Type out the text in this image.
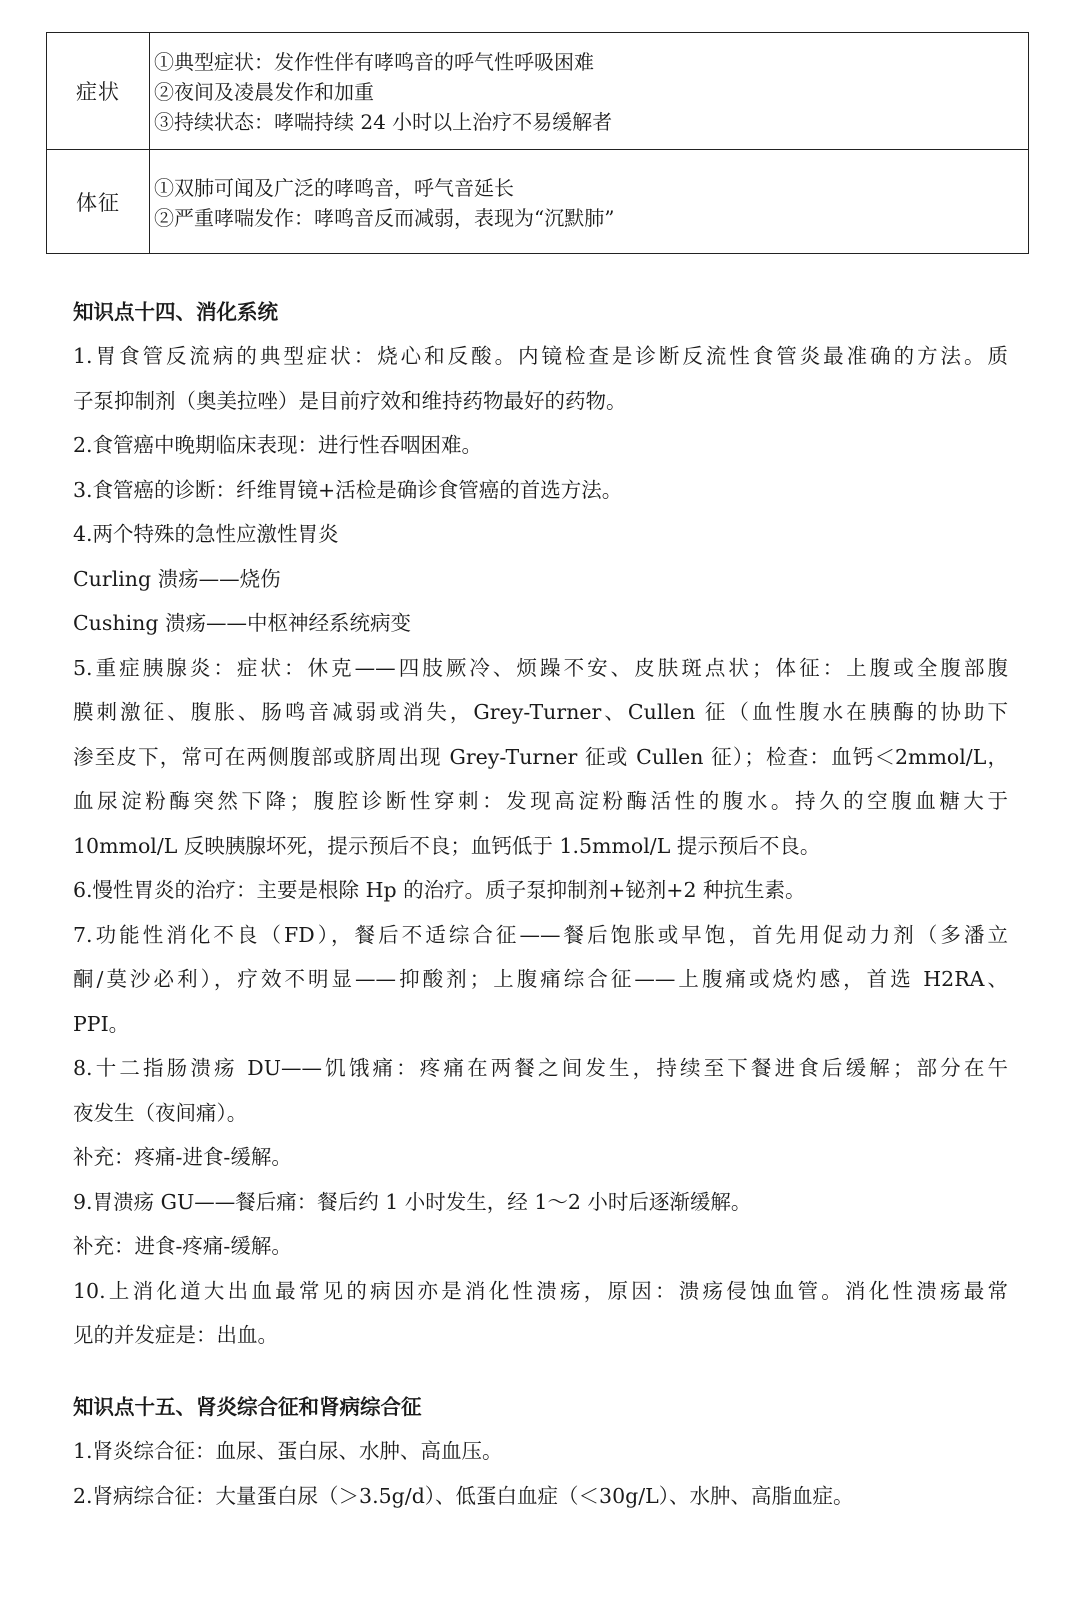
症状	①典型症状：发作性伴有哮鸣音的呼气性呼吸困难
②夜间及凌晨发作和加重
③持续状态：哮喘持续 24 小时以上治疗不易缓解者

体征	①双肺可闻及广泛的哮鸣音，呼气音延长
②严重哮喘发作：哮鸣音反而减弱，表现为“沉默肺”
知识点十四、消化系统
1.胃食管反流病的典型症状：烧心和反酸。内镜检查是诊断反流性食管炎最准确的方法。质
子泵抑制剂（奥美拉唑）是目前疗效和维持药物最好的药物。
2.食管癌中晚期临床表现：进行性吞咽困难。
3.食管癌的诊断：纤维胃镜+活检是确诊食管癌的首选方法。
4.两个特殊的急性应激性胃炎
Curling 溃疡——烧伤
Cushing 溃疡——中枢神经系统病变
5.重症胰腺炎：症状：休克——四肢厥冷、烦躁不安、皮肤斑点状；体征：上腹或全腹部腹
膜刺激征、腹胀、肠鸣音减弱或消失，Grey-Turner、Cullen 征（血性腹水在胰酶的协助下
渗至皮下，常可在两侧腹部或脐周出现 Grey-Turner 征或 Cullen 征）；检查：血钙＜2mmol/L，
血尿淀粉酶突然下降；腹腔诊断性穿刺：发现高淀粉酶活性的腹水。持久的空腹血糖大于
10mmol/L 反映胰腺坏死，提示预后不良；血钙低于 1.5mmol/L 提示预后不良。
6.慢性胃炎的治疗：主要是根除 Hp 的治疗。质子泵抑制剂+铋剂+2 种抗生素。
7.功能性消化不良（FD），餐后不适综合征——餐后饱胀或早饱，首先用促动力剂（多潘立
酮/莫沙必利），疗效不明显——抑酸剂；上腹痛综合征——上腹痛或烧灼感，首选 H2RA、
PPI。
8.十二指肠溃疡 DU——饥饿痛：疼痛在两餐之间发生，持续至下餐进食后缓解；部分在午
夜发生（夜间痛）。
补充：疼痛-进食-缓解。
9.胃溃疡 GU——餐后痛：餐后约 1 小时发生，经 1～2 小时后逐渐缓解。
补充：进食-疼痛-缓解。
10.上消化道大出血最常见的病因亦是消化性溃疡，原因：溃疡侵蚀血管。消化性溃疡最常
见的并发症是：出血。
知识点十五、肾炎综合征和肾病综合征
1.肾炎综合征：血尿、蛋白尿、水肿、高血压。
2.肾病综合征：大量蛋白尿（＞3.5g/d）、低蛋白血症（＜30g/L）、水肿、高脂血症。
